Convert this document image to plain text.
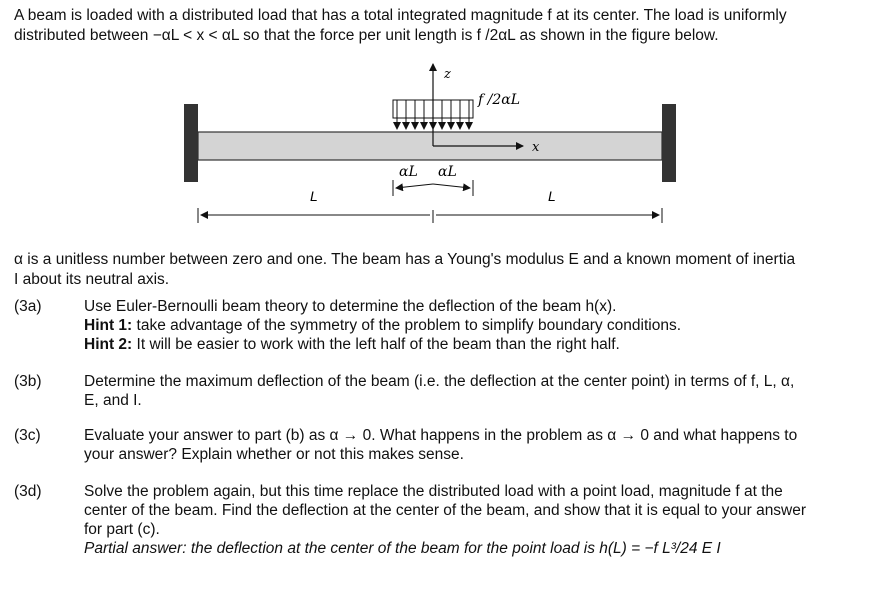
A beam is loaded with a distributed load that has a total integrated magnitude f at its center. The load is uniformly
distributed between −αL < x < αL so that the force per unit length is f /2αL as shown in the figure below.
z
f /2αL
x
αL αL
L	L
α is a unitless number between zero and one. The beam has a Young's modulus E and a known moment of inertia
I about its neutral axis.
(3a)	Use Euler-Bernoulli beam theory to determine the deflection of the beam h(x).
Hint 1: take advantage of the symmetry of the problem to simplify boundary conditions.
Hint 2: It will be easier to work with the left half of the beam than the right half.
(3b)	Determine the maximum deflection of the beam (i.e. the deflection at the center point) in terms of f, L, α,
E, and I.
(3c)	Evaluate your answer to part (b) as α → 0. What happens in the problem as α → 0 and what happens to
your answer? Explain whether or not this makes sense.
(3d)	Solve the problem again, but this time replace the distributed load with a point load, magnitude f at the
center of the beam. Find the deflection at the center of the beam, and show that it is equal to your answer
for part (c).
Partial answer: the deflection at the center of the beam for the point load is h(L) = −f L³/24 E I
